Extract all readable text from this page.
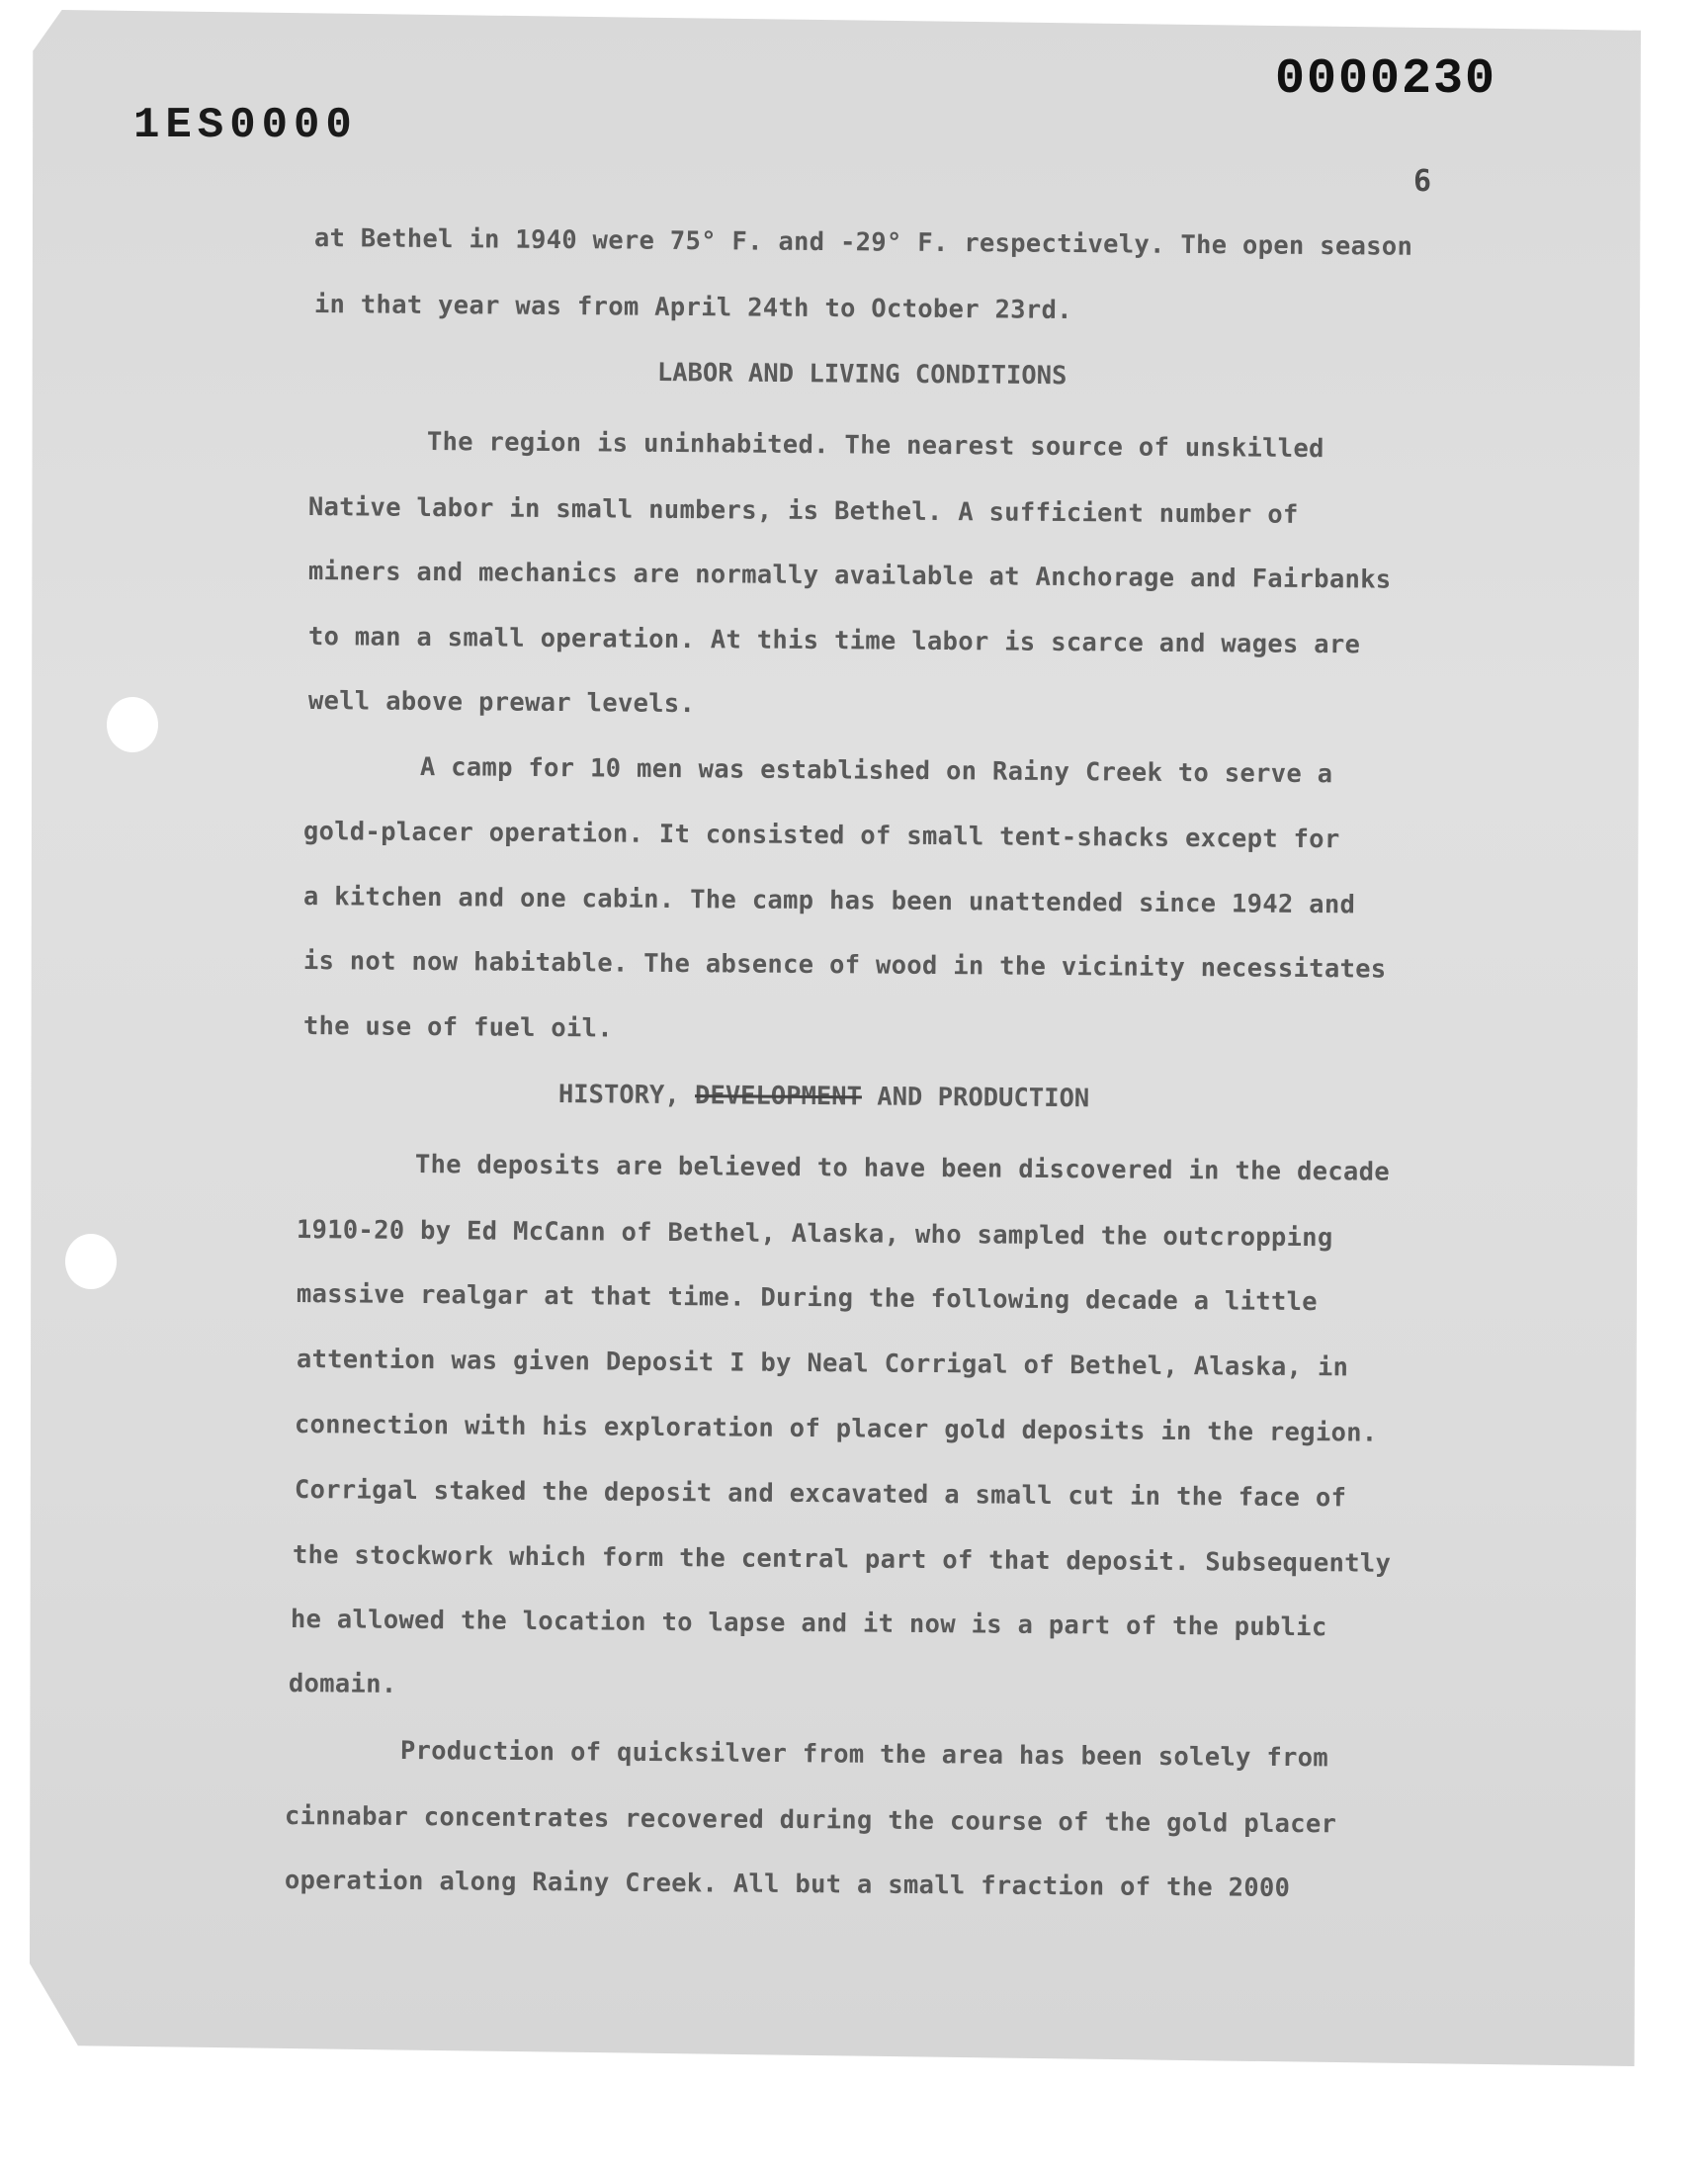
1ES0000
0000230
6
at Bethel in 1940 were 75° F. and -29° F. respectively. The open season
in that year was from April 24th to October 23rd.
LABOR AND LIVING CONDITIONS
The region is uninhabited. The nearest source of unskilled
Native labor in small numbers, is Bethel. A sufficient number of
miners and mechanics are normally available at Anchorage and Fairbanks
to man a small operation. At this time labor is scarce and wages are
well above prewar levels.
A camp for 10 men was established on Rainy Creek to serve a
gold-placer operation. It consisted of small tent-shacks except for
a kitchen and one cabin. The camp has been unattended since 1942 and
is not now habitable. The absence of wood in the vicinity necessitates
the use of fuel oil.
HISTORY, DEVELOPMENT AND PRODUCTION
The deposits are believed to have been discovered in the decade
1910-20 by Ed McCann of Bethel, Alaska, who sampled the outcropping
massive realgar at that time. During the following decade a little
attention was given Deposit I by Neal Corrigal of Bethel, Alaska, in
connection with his exploration of placer gold deposits in the region.
Corrigal staked the deposit and excavated a small cut in the face of
the stockwork which form the central part of that deposit. Subsequently
he allowed the location to lapse and it now is a part of the public
domain.
Production of quicksilver from the area has been solely from
cinnabar concentrates recovered during the course of the gold placer
operation along Rainy Creek. All but a small fraction of the 2000
